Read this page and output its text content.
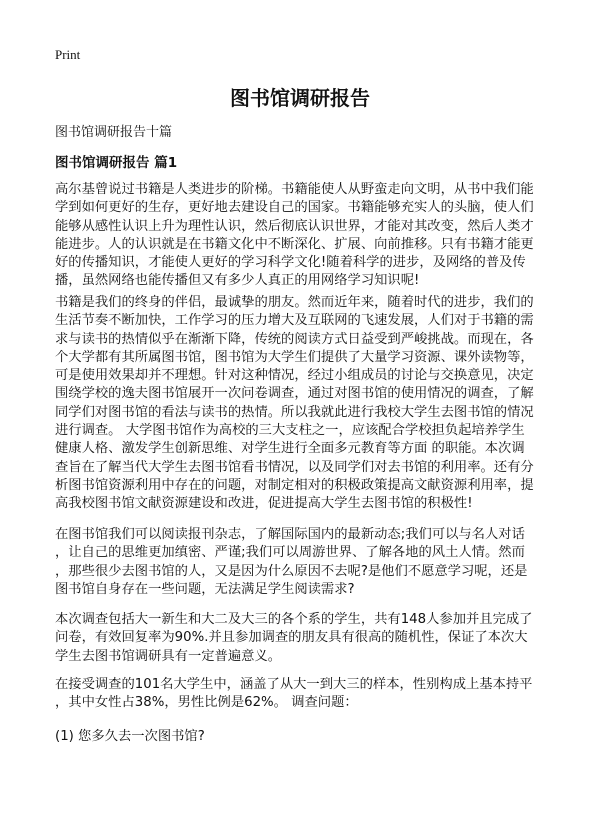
Print
图书馆调研报告
图书馆调研报告十篇
图书馆调研报告 篇1
高尔基曾说过书籍是人类进步的阶梯。书籍能使人从野蛮走向文明，从书中我们能
学到如何更好的生存，更好地去建设自己的国家。书籍能够充实人的头脑，使人们
能够从感性认识上升为理性认识，然后彻底认识世界，才能对其改变，然后人类才
能进步。人的认识就是在书籍文化中不断深化、扩展、向前推移。只有书籍才能更
好的传播知识，才能使人更好的学习科学文化!随着科学的进步，及网络的普及传
播，虽然网络也能传播但又有多少人真正的用网络学习知识呢!
书籍是我们的终身的伴侣，最诚挚的朋友。然而近年来，随着时代的进步，我们的
生活节奏不断加快，工作学习的压力增大及互联网的飞速发展，人们对于书籍的需
求与读书的热情似乎在渐渐下降，传统的阅读方式日益受到严峻挑战。而现在，各
个大学都有其所属图书馆，图书馆为大学生们提供了大量学习资源、课外读物等，
可是使用效果却并不理想。针对这种情况，经过小组成员的讨论与交换意见，决定
围绕学校的逸夫图书馆展开一次问卷调查，通过对图书馆的使用情况的调查，了解
同学们对图书馆的看法与读书的热情。所以我就此进行我校大学生去图书馆的情况
进行调查。 大学图书馆作为高校的三大支柱之一，应该配合学校担负起培养学生
健康人格、激发学生创新思维、对学生进行全面多元教育等方面 的职能。本次调
查旨在了解当代大学生去图书馆看书情况，以及同学们对去书馆的利用率。还有分
析图书馆资源利用中存在的问题，对制定相对的积极政策提高文献资源利用率，提
高我校图书馆文献资源建设和改进，促进提高大学生去图书馆的积极性!
在图书馆我们可以阅读报刊杂志，了解国际国内的最新动态;我们可以与名人对话
，让自己的思维更加缜密、严谨;我们可以周游世界、了解各地的风土人情。然而
，那些很少去图书馆的人，又是因为什么原因不去呢?是他们不愿意学习呢，还是
图书馆自身存在一些问题，无法满足学生阅读需求?
本次调查包括大一新生和大二及大三的各个系的学生，共有148人参加并且完成了
问卷，有效回复率为90%.并且参加调查的朋友具有很高的随机性，保证了本次大
学生去图书馆调研具有一定普遍意义。
在接受调查的101名大学生中，涵盖了从大一到大三的样本，性别构成上基本持平
，其中女性占38%，男性比例是62%。 调查问题：
(1) 您多久去一次图书馆?
